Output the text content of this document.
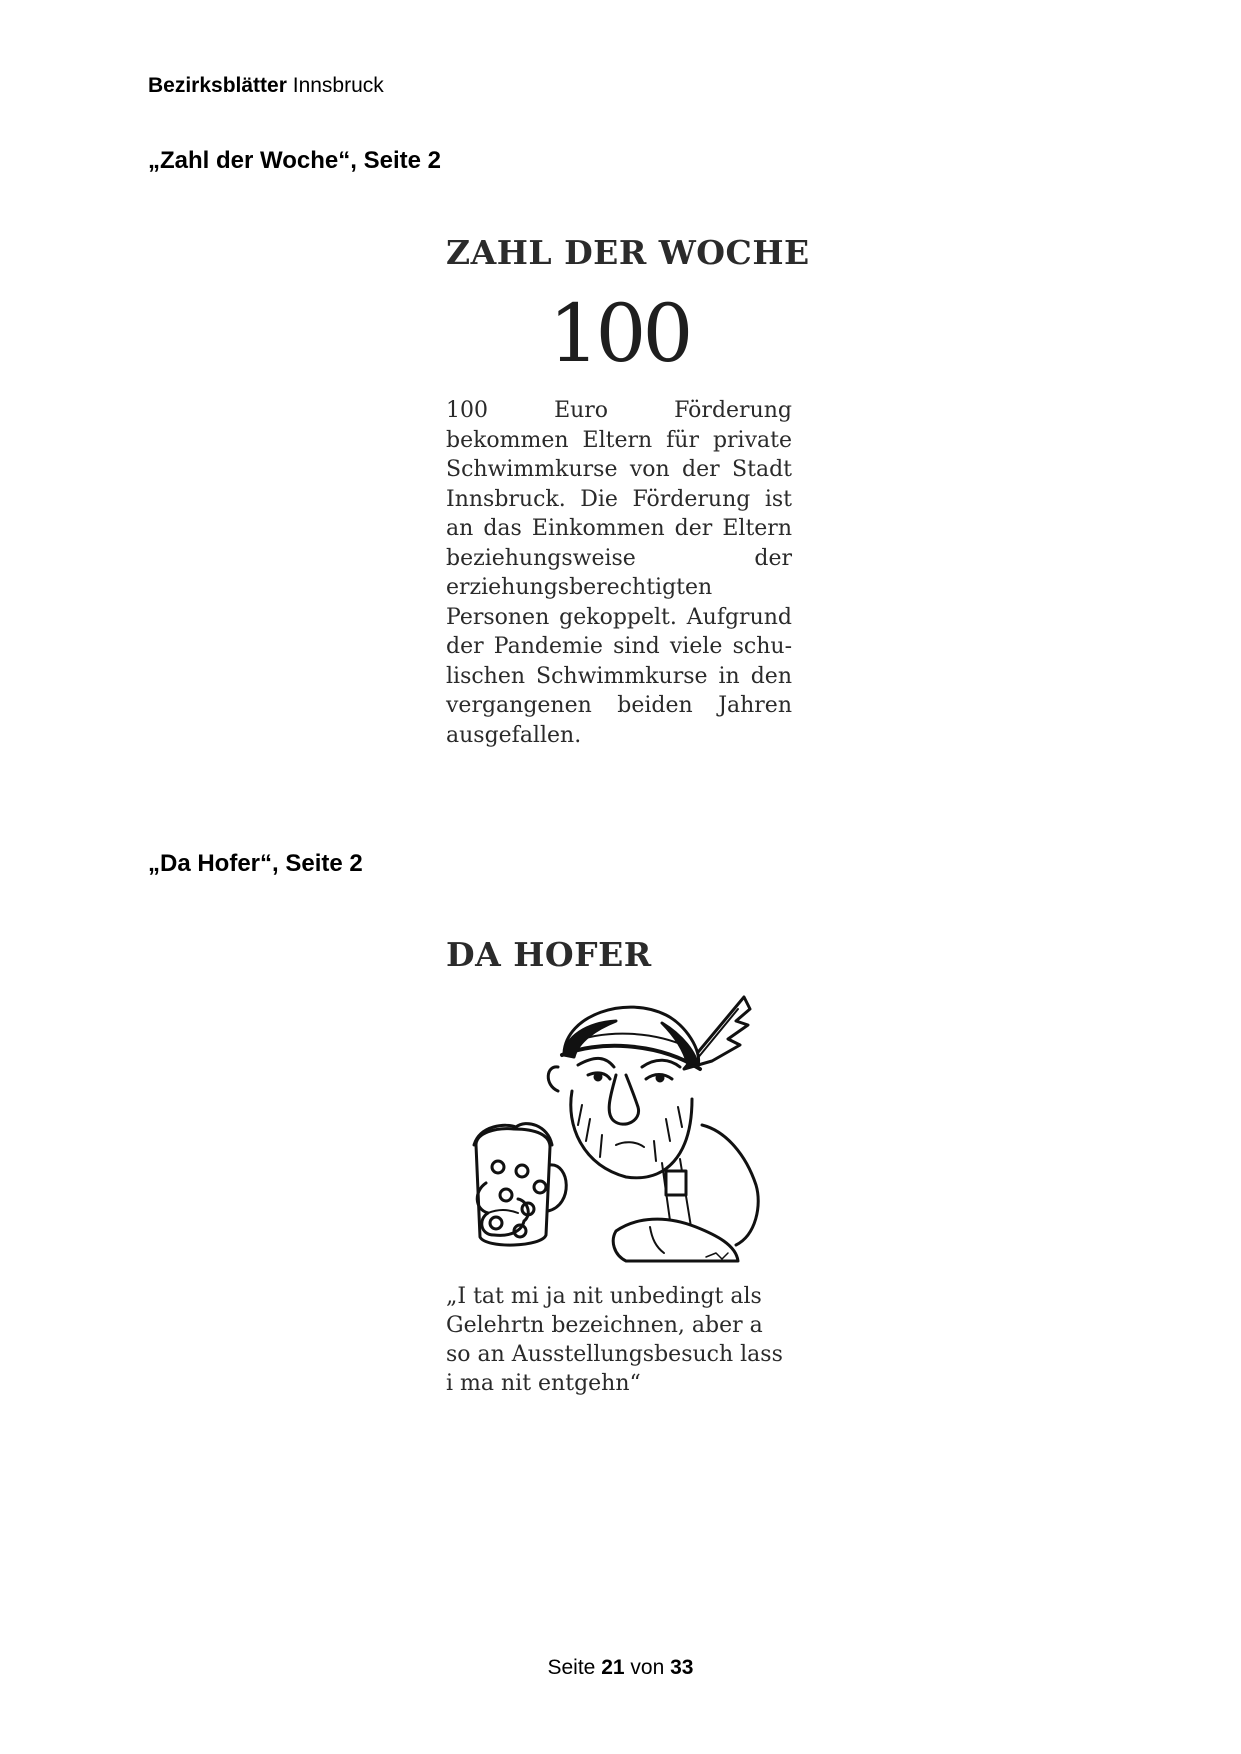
Bezirksblätter Innsbruck
„Zahl der Woche“, Seite 2
ZAHL DER WOCHE
100
100 Euro Förderung bekommen Eltern für private Schwimmkurse von der Stadt Innsbruck. Die Förderung ist an das Einkommen der Eltern beziehungsweise der erziehungsberechtigten Personen gekoppelt. Aufgrund der Pandemie sind viele schulischen Schwimmkurse in den vergangenen beiden Jahren ausgefallen.
„Da Hofer“, Seite 2
DA HOFER
„I tat mi ja nit unbedingt als Gelehrtn bezeichnen, aber a so an Ausstellungsbesuch lass i ma nit entgehn“
Seite 21 von 33
